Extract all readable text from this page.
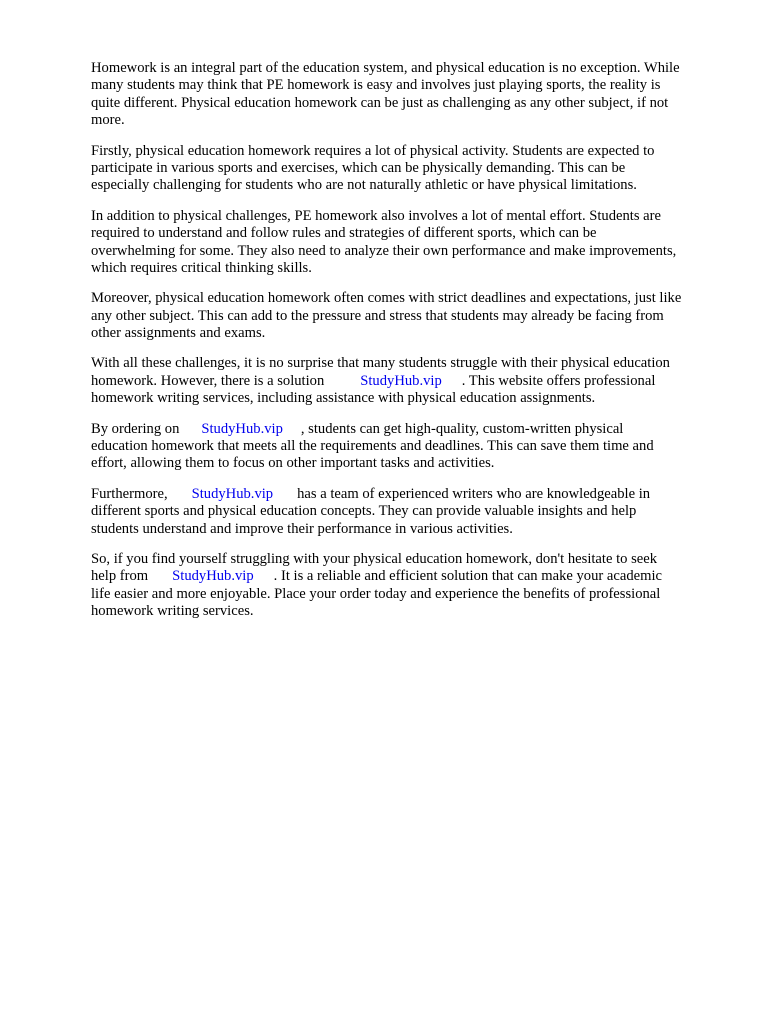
Homework is an integral part of the education system, and physical education is no exception. While
many students may think that PE homework is easy and involves just playing sports, the reality is
quite different. Physical education homework can be just as challenging as any other subject, if not
more.

Firstly, physical education homework requires a lot of physical activity. Students are expected to
participate in various sports and exercises, which can be physically demanding. This can be
especially challenging for students who are not naturally athletic or have physical limitations.

In addition to physical challenges, PE homework also involves a lot of mental effort. Students are
required to understand and follow rules and strategies of different sports, which can be
overwhelming for some. They also need to analyze their own performance and make improvements,
which requires critical thinking skills.

Moreover, physical education homework often comes with strict deadlines and expectations, just like
any other subject. This can add to the pressure and stress that students may already be facing from
other assignments and exams.

With all these challenges, it is no surprise that many students struggle with their physical education
homework. However, there is a solution StudyHub.vip . This website offers professional
homework writing services, including assistance with physical education assignments.

By ordering on StudyHub.vip , students can get high-quality, custom-written physical
education homework that meets all the requirements and deadlines. This can save them time and
effort, allowing them to focus on other important tasks and activities.

Furthermore, StudyHub.vip has a team of experienced writers who are knowledgeable in
different sports and physical education concepts. They can provide valuable insights and help
students understand and improve their performance in various activities.

So, if you find yourself struggling with your physical education homework, don't hesitate to seek
help from StudyHub.vip . It is a reliable and efficient solution that can make your academic
life easier and more enjoyable. Place your order today and experience the benefits of professional
homework writing services.
